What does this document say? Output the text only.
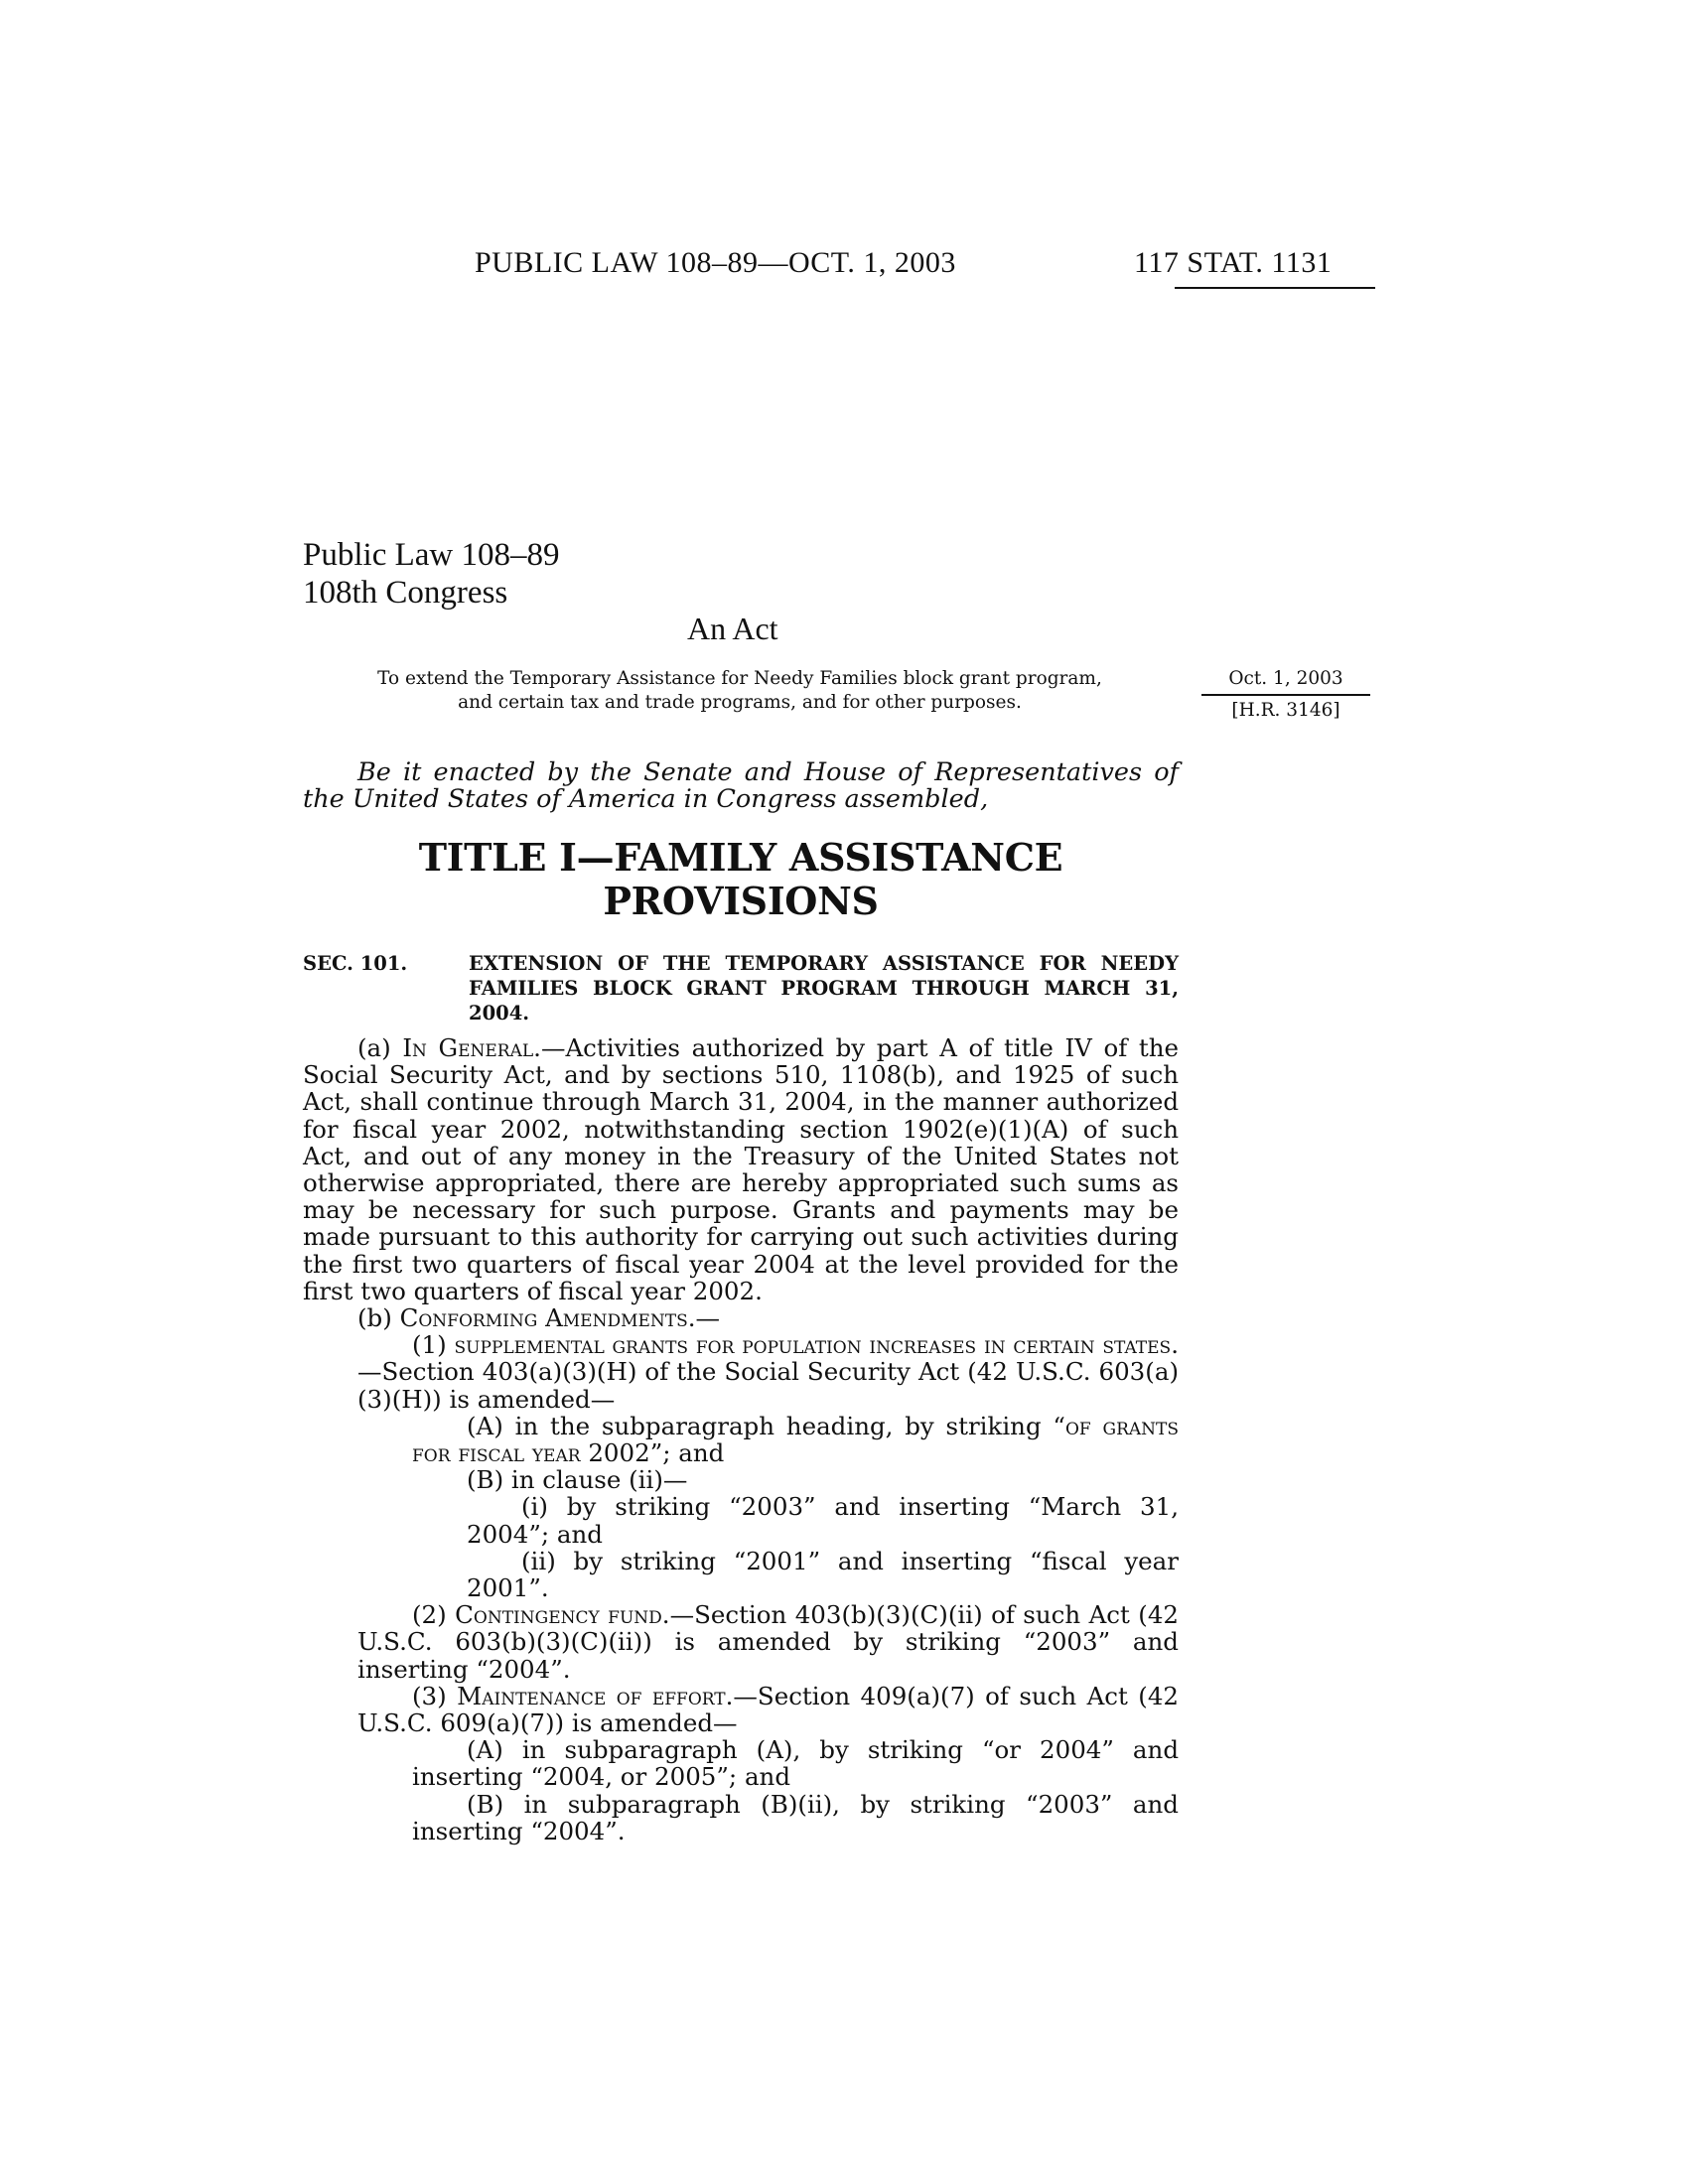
PUBLIC LAW 108–89—OCT. 1, 2003	117 STAT. 1131
Public Law 108–89
108th Congress
An Act
To extend the Temporary Assistance for Needy Families block grant program,
and certain tax and trade programs, and for other purposes.
Oct. 1, 2003
[H.R. 3146]
Be it enacted by the Senate and House of Representatives of
the United States of America in Congress assembled,
TITLE I—FAMILY ASSISTANCE
PROVISIONS
SEC. 101.	EXTENSION OF THE TEMPORARY ASSISTANCE FOR NEEDY FAMILIES BLOCK GRANT PROGRAM THROUGH MARCH 31, 2004.

(a) In General.—Activities authorized by part A of title IV of the Social Security Act, and by sections 510, 1108(b), and 1925 of such Act, shall continue through March 31, 2004, in the manner authorized for fiscal year 2002, notwithstanding section 1902(e)(1)(A) of such Act, and out of any money in the Treasury of the United States not otherwise appropriated, there are hereby appropriated such sums as may be necessary for such purpose. Grants and payments may be made pursuant to this authority for carrying out such activities during the first two quarters of fiscal year 2004 at the level provided for the first two quarters of fiscal year 2002.

(b) Conforming Amendments.—

(1) supplemental grants for population increases in certain states.—Section 403(a)(3)(H) of the Social Security Act (42 U.S.C. 603(a)(3)(H)) is amended—

(A) in the subparagraph heading, by striking “of grants for fiscal year 2002”; and

(B) in clause (ii)—

(i) by striking “2003” and inserting “March 31, 2004”; and

(ii) by striking “2001” and inserting “fiscal year 2001”.

(2) Contingency fund.—Section 403(b)(3)(C)(ii) of such Act (42 U.S.C. 603(b)(3)(C)(ii)) is amended by striking “2003” and inserting “2004”.

(3) Maintenance of effort.—Section 409(a)(7) of such Act (42 U.S.C. 609(a)(7)) is amended—

(A) in subparagraph (A), by striking “or 2004” and inserting “2004, or 2005”; and

(B) in subparagraph (B)(ii), by striking “2003” and inserting “2004”.
